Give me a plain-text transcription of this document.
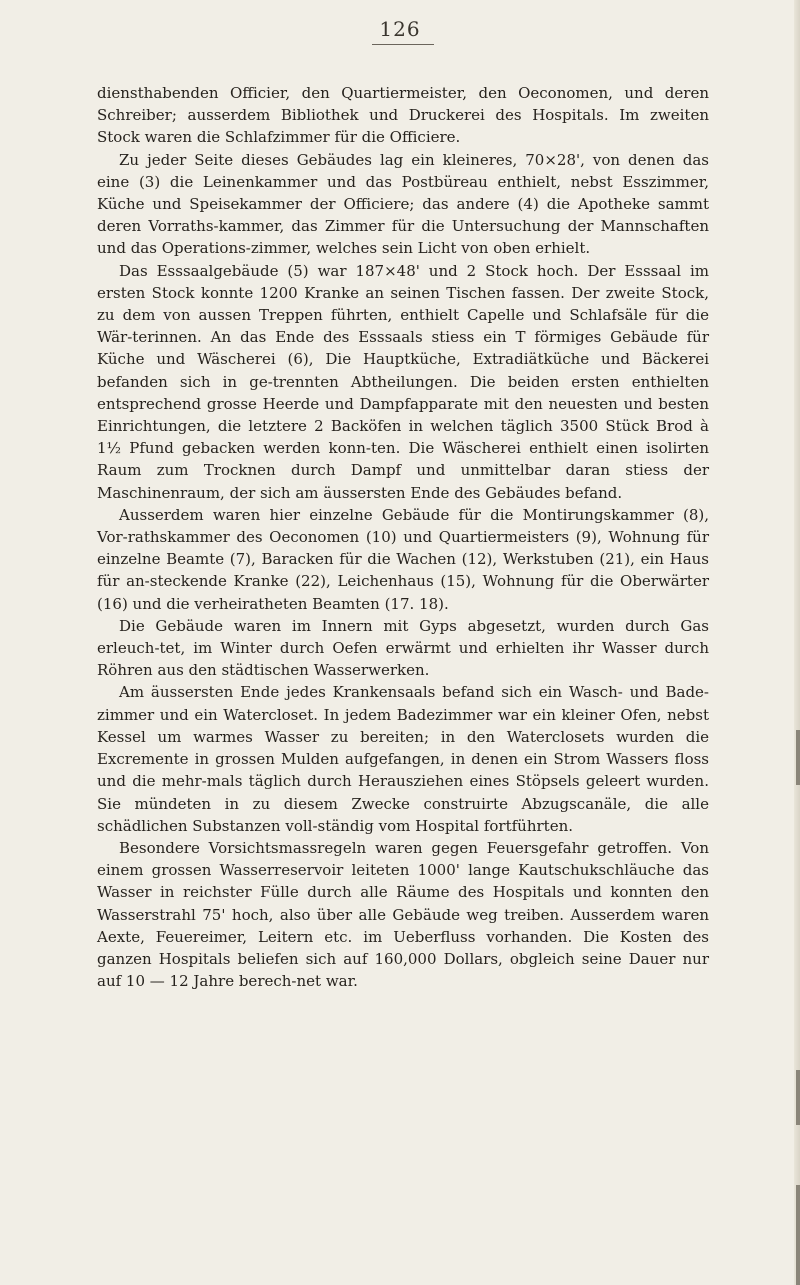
126

diensthabenden Officier, den Quartiermeister, den Oeconomen, und deren Schreiber; ausserdem Bibliothek und Druckerei des Hospitals. Im zweiten Stock waren die Schlafzimmer für die Officiere.

Zu jeder Seite dieses Gebäudes lag ein kleineres, 70×28', von denen das eine (3) die Leinenkammer und das Postbüreau enthielt, nebst Esszimmer, Küche und Speisekammer der Officiere; das andere (4) die Apotheke sammt deren Vorraths-kammer, das Zimmer für die Untersuchung der Mannschaften und das Operations-zimmer, welches sein Licht von oben erhielt.

Das Esssaalgebäude (5) war 187×48' und 2 Stock hoch. Der Esssaal im ersten Stock konnte 1200 Kranke an seinen Tischen fassen. Der zweite Stock, zu dem von aussen Treppen führten, enthielt Capelle und Schlafsäle für die Wär-terinnen. An das Ende des Esssaals stiess ein T förmiges Gebäude für Küche und Wäscherei (6), Die Hauptküche, Extradiätküche und Bäckerei befanden sich in ge-trennten Abtheilungen. Die beiden ersten enthielten entsprechend grosse Heerde und Dampfapparate mit den neuesten und besten Einrichtungen, die letztere 2 Backöfen in welchen täglich 3500 Stück Brod à 1½ Pfund gebacken werden konn-ten. Die Wäscherei enthielt einen isolirten Raum zum Trocknen durch Dampf und unmittelbar daran stiess der Maschinenraum, der sich am äussersten Ende des Gebäudes befand.

Ausserdem waren hier einzelne Gebäude für die Montirungskammer (8), Vor-rathskammer des Oeconomen (10) und Quartiermeisters (9), Wohnung für einzelne Beamte (7), Baracken für die Wachen (12), Werkstuben (21), ein Haus für an-steckende Kranke (22), Leichenhaus (15), Wohnung für die Oberwärter (16) und die verheiratheten Beamten (17. 18).

Die Gebäude waren im Innern mit Gyps abgesetzt, wurden durch Gas erleuch-tet, im Winter durch Oefen erwärmt und erhielten ihr Wasser durch Röhren aus den städtischen Wasserwerken.

Am äussersten Ende jedes Krankensaals befand sich ein Wasch- und Bade-zimmer und ein Watercloset. In jedem Badezimmer war ein kleiner Ofen, nebst Kessel um warmes Wasser zu bereiten; in den Waterclosets wurden die Excremente in grossen Mulden aufgefangen, in denen ein Strom Wassers floss und die mehr-mals täglich durch Herausziehen eines Stöpsels geleert wurden. Sie mündeten in zu diesem Zwecke construirte Abzugscanäle, die alle schädlichen Substanzen voll-ständig vom Hospital fortführten.

Besondere Vorsichtsmassregeln waren gegen Feuersgefahr getroffen. Von einem grossen Wasserreservoir leiteten 1000' lange Kautschukschläuche das Wasser in reichster Fülle durch alle Räume des Hospitals und konnten den Wasserstrahl 75' hoch, also über alle Gebäude weg treiben. Ausserdem waren Aexte, Feuereimer, Leitern etc. im Ueberfluss vorhanden. Die Kosten des ganzen Hospitals beliefen sich auf 160,000 Dollars, obgleich seine Dauer nur auf 10 — 12 Jahre berech-net war.
